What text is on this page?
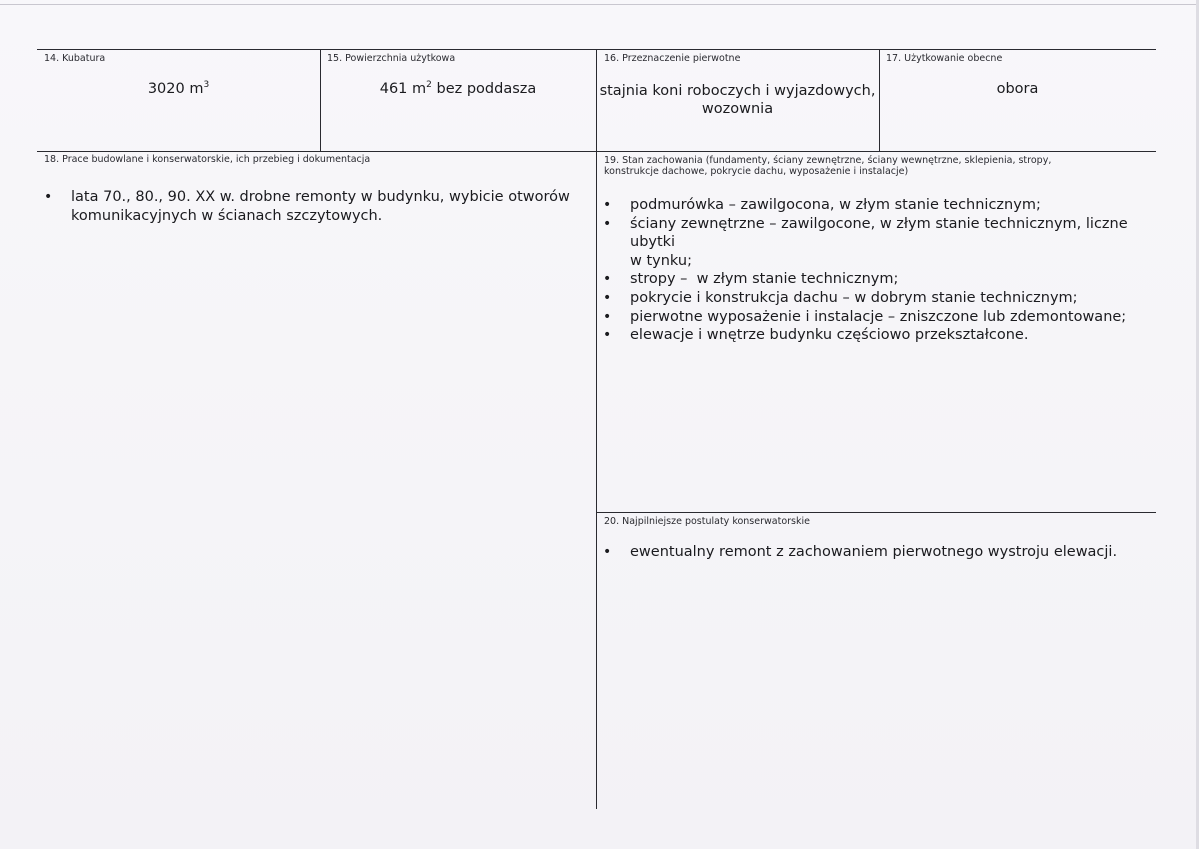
14. Kubatura
3020 $m^3$
15. Powierzchnia użytkowa
461 $m^2$ bez poddasza
16. Przeznaczenie pierwotne
stajnia koni roboczych i wyjazdowych,
wozownia
17. Użytkowanie obecne
obora
18. Prace budowlane i konserwatorskie, ich przebieg i dokumentacja
• lata 70., 80., 90. XX w. drobne remonty w budynku, wybicie otworów
komunikacyjnych w ścianach szczytowych.
19. Stan zachowania (fundamenty, ściany zewnętrzne, ściany wewnętrzne, sklepienia, stropy,
konstrukcje dachowe, pokrycie dachu, wyposażenie i instalacje)
• podmurówka – zawilgocona, w złym stanie technicznym;
• ściany zewnętrzne – zawilgocone, w złym stanie technicznym, liczne ubytki
w tynku;
• stropy –  w złym stanie technicznym;
• pokrycie i konstrukcja dachu – w dobrym stanie technicznym;
• pierwotne wyposażenie i instalacje – zniszczone lub zdemontowane;
• elewacje i wnętrze budynku częściowo przekształcone.
20. Najpilniejsze postulaty konserwatorskie
• ewentualny remont z zachowaniem pierwotnego wystroju elewacji.
